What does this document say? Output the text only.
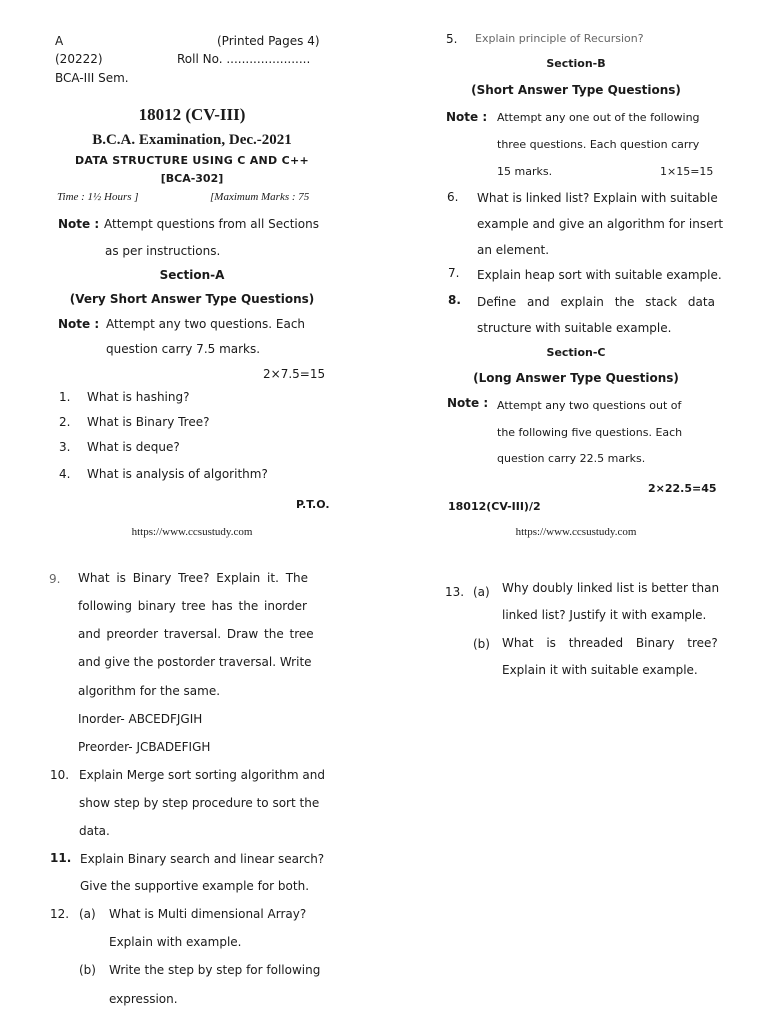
A	(Printed Pages 4)
(20222)	Roll No. ......................
BCA-III Sem.
18012 (CV-III)
B.C.A. Examination, Dec.-2021
DATA STRUCTURE USING C AND C++
[BCA-302]
Time : 1½ Hours ]	[Maximum Marks : 75
Note : Attempt questions from all Sections
as per instructions.
Section-A
(Very Short Answer Type Questions)
Note : Attempt any two questions. Each
question carry 7.5 marks.
2×7.5=15
1. What is hashing?
2. What is Binary Tree?
3. What is deque?
4. What is analysis of algorithm?
P.T.O.
https://www.ccsustudy.com
5. Explain principle of Recursion?
Section-B
(Short Answer Type Questions)
Note : Attempt any one out of the following
three questions. Each question carry
15 marks.	1×15=15
6. What is linked list? Explain with suitable
example and give an algorithm for insert
an element.
7. Explain heap sort with suitable example.
8. Define and explain the stack data
structure with suitable example.
Section-C
(Long Answer Type Questions)
Note : Attempt any two questions out of
the following five questions. Each
question carry 22.5 marks.
2×22.5=45
18012(CV-III)/2
https://www.ccsustudy.com
9. What is Binary Tree? Explain it. The
following binary tree has the inorder
and preorder traversal. Draw the tree
and give the postorder traversal. Write
algorithm for the same.
Inorder- ABCEDFJGIH
Preorder- JCBADEFIGH
10. Explain Merge sort sorting algorithm and
show step by step procedure to sort the
data.
11. Explain Binary search and linear search?
Give the supportive example for both.
12. (a) What is Multi dimensional Array?
Explain with example.
(b) Write the step by step for following
expression.
13. (a) Why doubly linked list is better than
linked list? Justify it with example.
(b) What is threaded Binary tree?
Explain it with suitable example.
